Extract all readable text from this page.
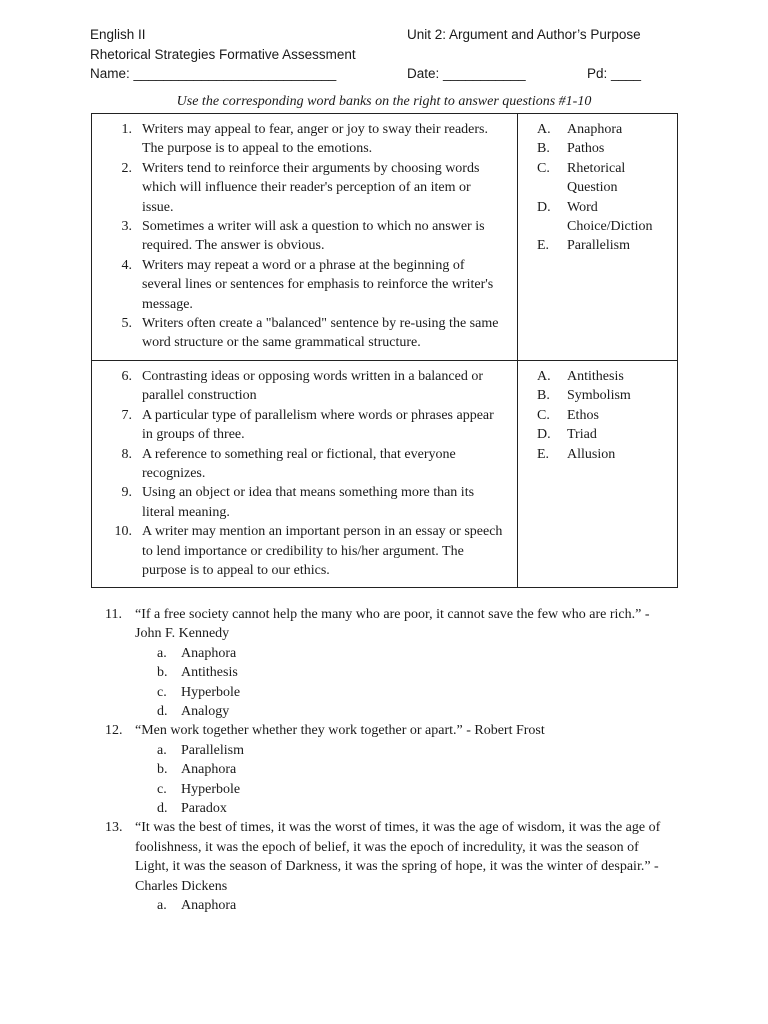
English II
Rhetorical Strategies Formative Assessment
Name: ___________________________
Unit 2: Argument and Author’s Purpose
Date: ___________	Pd: ____
Use the corresponding word banks on the right to answer questions #1-10
1. Writers may appeal to fear, anger or joy to sway their readers. The purpose is to appeal to the emotions.
2. Writers tend to reinforce their arguments by choosing words which will influence their reader's perception of an item or issue.
3. Sometimes a writer will ask a question to which no answer is required. The answer is obvious.
4. Writers may repeat a word or a phrase at the beginning of several lines or sentences for emphasis to reinforce the writer's message.
5. Writers often create a "balanced" sentence by re-using the same word structure or the same grammatical structure.
A.	Anaphora
B.	Pathos
C.	Rhetorical Question
D.	Word Choice/Diction
E.	Parallelism
6. Contrasting ideas or opposing words written in a balanced or parallel construction
7. A particular type of parallelism where words or phrases appear in groups of three.
8. A reference to something real or fictional, that everyone recognizes.
9. Using an object or idea that means something more than its literal meaning.
10. A writer may mention an important person in an essay or speech to lend importance or credibility to his/her argument. The purpose is to appeal to our ethics.
A.	Antithesis
B.	Symbolism
C.	Ethos
D.	Triad
E.	Allusion
11. “If a free society cannot help the many who are poor, it cannot save the few who are rich.” - John F. Kennedy
a.	Anaphora
b. Antithesis
c.	Hyperbole
d. Analogy
12. “Men work together whether they work together or apart.” - Robert Frost
a.	Parallelism
b. Anaphora
c.	Hyperbole
d. Paradox
13. “It was the best of times, it was the worst of times, it was the age of wisdom, it was the age of foolishness, it was the epoch of belief, it was the epoch of incredulity, it was the season of Light, it was the season of Darkness, it was the spring of hope, it was the winter of despair.” - Charles Dickens
a.	Anaphora
